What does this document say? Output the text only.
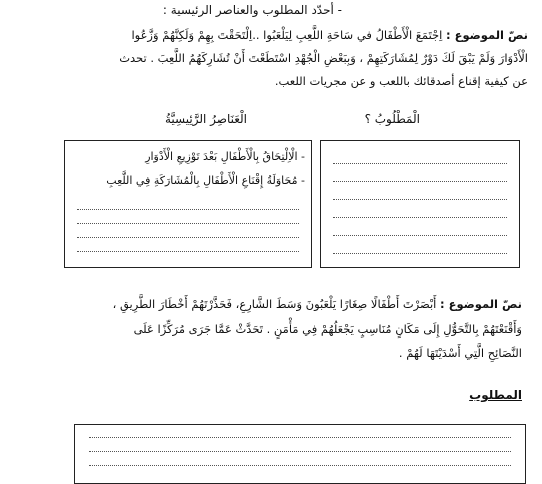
- أحدّد المطلوب والعناصر الرئيسية :
نصّ الموضوع : اِجْتَمَعَ الْأَطْفَالُ في سَاحَةِ اللَّعِبِ لِيَلْعَبُوا ..اِلْتَحَقْتَ بِهِمْ وَلَكِنَّهُمْ وَزَّعُوا
الْأَدْوَارَ وَلَمْ يَبْقَ لَكَ دَوْرٌ لِمُشَارَكَتِهِمْ ، وَبِبَعْضِ الْجُهْدِ اسْتَطَعْتَ أَنْ تُشَارِكَهُمُ اللَّعِبَ . تحدث
عن كيفية إقناع أصدقائك باللعب و عن مجريات اللعب.
الْمَطْلُوبُ ؟
الْعَنَاصِرُ الرَّئِيسِيَّةُ
- الْاِلْتِحَاقُ بِالْأَطْفَالِ بَعْدَ تَوْزِيعِ الْأَدْوَارِ
- مُحَاوَلَةُ إِقْنَاعِ الْأَطْفَالِ بِالْمُشَارَكَةِ فِي اللَّعِبِ
نصّ الموضوع : أَبْصَرْتَ أَطْفَالًا صِغَارًا يَلْعَبُونَ وَسَطَ الشَّارِعِ، فَحَذَّرْتَهُمْ أَخْطَارَ الطَّرِيقِ ،
وَأَقْنَعْتَهُمْ بِالتَّحَوُّلِ إِلَى مَكَانٍ مُنَاسِبٍ يَجْعَلُهُمْ فِي مَأْمَنٍ . تَحَدَّثْ عَمَّا جَرَى مُرَكِّزًا عَلَى
النَّصَائِحِ الَّتِي أَسْدَيْتَهَا لَهُمْ .
المطلوب
